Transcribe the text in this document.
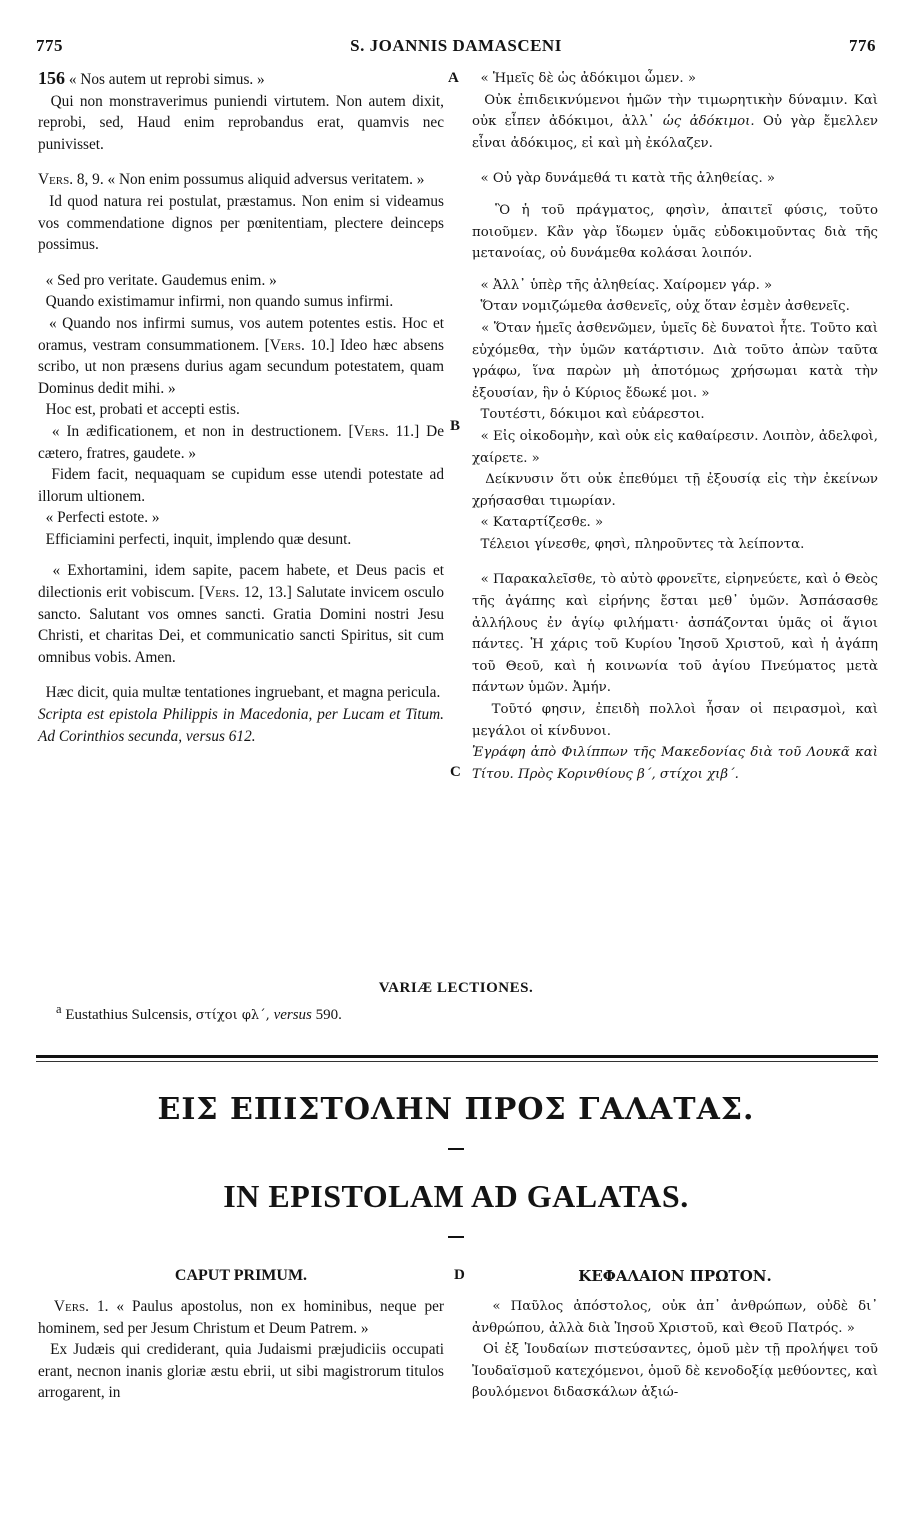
775	S. JOANNIS DAMASCENI	776
A
B
C
D

156 « Nos autem ut reprobi simus. »

Qui non monstraverimus puniendi virtutem. Non autem dixit, reprobi, sed, Haud enim reprobandus erat, quamvis nec punivisset.

Vers. 8, 9. « Non enim possumus aliquid adversus veritatem. »

Id quod natura rei postulat, præstamus. Non enim si videamus vos commendatione dignos per pœnitentiam, plectere deinceps possimus.

« Sed pro veritate. Gaudemus enim. »

Quando existimamur infirmi, non quando sumus infirmi.

« Quando nos infirmi sumus, vos autem potentes estis. Hoc et oramus, vestram consummationem. [Vers. 10.] Ideo hæc absens scribo, ut non præsens durius agam secundum potestatem, quam Dominus dedit mihi. »

Hoc est, probati et accepti estis.

« In ædificationem, et non in destructionem. [Vers. 11.] De cætero, fratres, gaudete. »

Fidem facit, nequaquam se cupidum esse utendi potestate ad illorum ultionem.

« Perfecti estote. »

Efficiamini perfecti, inquit, implendo quæ desunt.

« Exhortamini, idem sapite, pacem habete, et Deus pacis et dilectionis erit vobiscum. [Vers. 12, 13.] Salutate invicem osculo sancto. Salutant vos omnes sancti. Gratia Domini nostri Jesu Christi, et charitas Dei, et communicatio sancti Spiritus, sit cum omnibus vobis. Amen.

Hæc dicit, quia multæ tentationes ingruebant, et magna pericula.

Scripta est epistola Philippis in Macedonia, per Lucam et Titum. Ad Corinthios secunda, versus 612.

« Ἡμεῖς δὲ ὡς ἀδόκιμοι ὦμεν. »

Οὐκ ἐπιδεικνύμενοι ἡμῶν τὴν τιμωρητικὴν δύναμιν. Καὶ οὐκ εἶπεν ἀδόκιμοι, ἀλλ᾽ ὡς ἀδόκιμοι. Οὐ γὰρ ἔμελλεν εἶναι ἀδόκιμος, εἰ καὶ μὴ ἐκόλαζεν.

« Οὐ γὰρ δυνάμεθά τι κατὰ τῆς ἀληθείας. »

Ὃ ἡ τοῦ πράγματος, φησὶν, ἀπαιτεῖ φύσις, τοῦτο ποιοῦμεν. Κἂν γὰρ ἴδωμεν ὑμᾶς εὐδοκιμοῦντας διὰ τῆς μετανοίας, οὐ δυνάμεθα κολάσαι λοιπόν.

« Ἀλλ᾽ ὑπὲρ τῆς ἀληθείας. Χαίρομεν γάρ. »

Ὅταν νομιζώμεθα ἀσθενεῖς, οὐχ ὅταν ἐσμὲν ἀσθενεῖς.

« Ὅταν ἡμεῖς ἀσθενῶμεν, ὑμεῖς δὲ δυνατοὶ ἦτε. Τοῦτο καὶ εὐχόμεθα, τὴν ὑμῶν κατάρτισιν. Διὰ τοῦτο ἀπὼν ταῦτα γράφω, ἵνα παρὼν μὴ ἀποτόμως χρήσωμαι κατὰ τὴν ἐξουσίαν, ἣν ὁ Κύριος ἔδωκέ μοι. »

Τουτέστι, δόκιμοι καὶ εὐάρεστοι.

« Εἰς οἰκοδομὴν, καὶ οὐκ εἰς καθαίρεσιν. Λοιπὸν, ἀδελφοὶ, χαίρετε. »

Δείκνυσιν ὅτι οὐκ ἐπεθύμει τῇ ἐξουσίᾳ εἰς τὴν ἐκείνων χρήσασθαι τιμωρίαν.

« Καταρτίζεσθε. »

Τέλειοι γίνεσθε, φησὶ, πληροῦντες τὰ λείποντα.

« Παρακαλεῖσθε, τὸ αὐτὸ φρονεῖτε, εἰρηνεύετε, καὶ ὁ Θεὸς τῆς ἀγάπης καὶ εἰρήνης ἔσται μεθ᾽ ὑμῶν. Ἀσπάσασθε ἀλλήλους ἐν ἁγίῳ φιλήματι· ἀσπάζονται ὑμᾶς οἱ ἅγιοι πάντες. Ἡ χάρις τοῦ Κυρίου Ἰησοῦ Χριστοῦ, καὶ ἡ ἀγάπη τοῦ Θεοῦ, καὶ ἡ κοινωνία τοῦ ἁγίου Πνεύματος μετὰ πάντων ὑμῶν. Ἀμήν.

Τοῦτό φησιν, ἐπειδὴ πολλοὶ ἦσαν οἱ πειρασμοὶ, καὶ μεγάλοι οἱ κίνδυνοι.

Ἐγράφη ἀπὸ Φιλίππων τῆς Μακεδονίας διὰ τοῦ Λουκᾶ καὶ Τίτου. Πρὸς Κορινθίους β΄, στίχοι χιβ΄.

VARIÆ LECTIONES.
$^a$ Eustathius Sulcensis, στίχοι φλ΄, versus 590.
ΕΙΣ ΕΠΙΣΤΟΛΗΝ ΠΡΟΣ ΓΑΛΑΤΑΣ.
IN EPISTOLAM AD GALATAS.
CAPUT PRIMUM.	ΚΕΦΑΛΑΙΟΝ ΠΡΩΤΟΝ.

Vers. 1. « Paulus apostolus, non ex hominibus, neque per hominem, sed per Jesum Christum et Deum Patrem. »

Ex Judæis qui crediderant, quia Judaismi præjudiciis occupati erant, necnon inanis gloriæ æstu ebrii, ut sibi magistrorum titulos arrogarent, in

« Παῦλος ἀπόστολος, οὐκ ἀπ᾽ ἀνθρώπων, οὐδὲ δι᾽ ἀνθρώπου, ἀλλὰ διὰ Ἰησοῦ Χριστοῦ, καὶ Θεοῦ Πατρός. »

Οἱ ἐξ Ἰουδαίων πιστεύσαντες, ὁμοῦ μὲν τῇ προλήψει τοῦ Ἰουδαϊσμοῦ κατεχόμενοι, ὁμοῦ δὲ κενοδοξίᾳ μεθύοντες, καὶ βουλόμενοι διδασκάλων ἀξιώ-
